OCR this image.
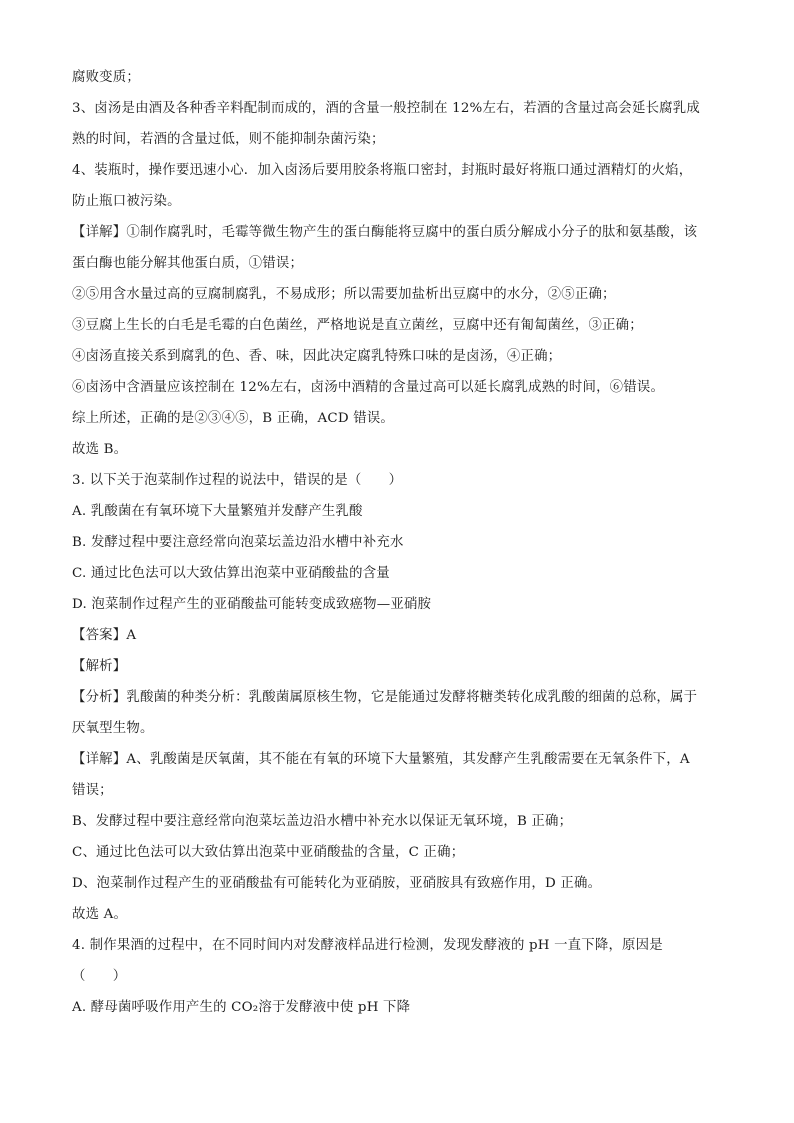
腐败变质；
3、卤汤是由酒及各种香辛料配制而成的，酒的含量一般控制在 12%左右，若酒的含量过高会延长腐乳成
熟的时间，若酒的含量过低，则不能抑制杂菌污染；
4、装瓶时，操作要迅速小心．加入卤汤后要用胶条将瓶口密封，封瓶时最好将瓶口通过酒精灯的火焰，
防止瓶口被污染。
【详解】①制作腐乳时，毛霉等微生物产生的蛋白酶能将豆腐中的蛋白质分解成小分子的肽和氨基酸，该
蛋白酶也能分解其他蛋白质，①错误；
②⑤用含水量过高的豆腐制腐乳，不易成形；所以需要加盐析出豆腐中的水分，②⑤正确；
③豆腐上生长的白毛是毛霉的白色菌丝，严格地说是直立菌丝，豆腐中还有匍匐菌丝，③正确；
④卤汤直接关系到腐乳的色、香、味，因此决定腐乳特殊口味的是卤汤，④正确；
⑥卤汤中含酒量应该控制在 12%左右，卤汤中酒精的含量过高可以延长腐乳成熟的时间，⑥错误。
综上所述，正确的是②③④⑤，B 正确，ACD 错误。
故选 B。
3. 以下关于泡菜制作过程的说法中，错误的是（　　）
A. 乳酸菌在有氧环境下大量繁殖并发酵产生乳酸
B. 发酵过程中要注意经常向泡菜坛盖边沿水槽中补充水
C. 通过比色法可以大致估算出泡菜中亚硝酸盐的含量
D. 泡菜制作过程产生的亚硝酸盐可能转变成致癌物—亚硝胺
【答案】A
【解析】
【分析】乳酸菌的种类分析：乳酸菌属原核生物，它是能通过发酵将糖类转化成乳酸的细菌的总称，属于
厌氧型生物。
【详解】A、乳酸菌是厌氧菌，其不能在有氧的环境下大量繁殖，其发酵产生乳酸需要在无氧条件下，A
错误；
B、发酵过程中要注意经常向泡菜坛盖边沿水槽中补充水以保证无氧环境，B 正确；
C、通过比色法可以大致估算出泡菜中亚硝酸盐的含量，C 正确；
D、泡菜制作过程产生的亚硝酸盐有可能转化为亚硝胺，亚硝胺具有致癌作用，D 正确。
故选 A。
4. 制作果酒的过程中，在不同时间内对发酵液样品进行检测，发现发酵液的 pH 一直下降，原因是
（　　）
A. 酵母菌呼吸作用产生的 CO₂溶于发酵液中使 pH 下降
